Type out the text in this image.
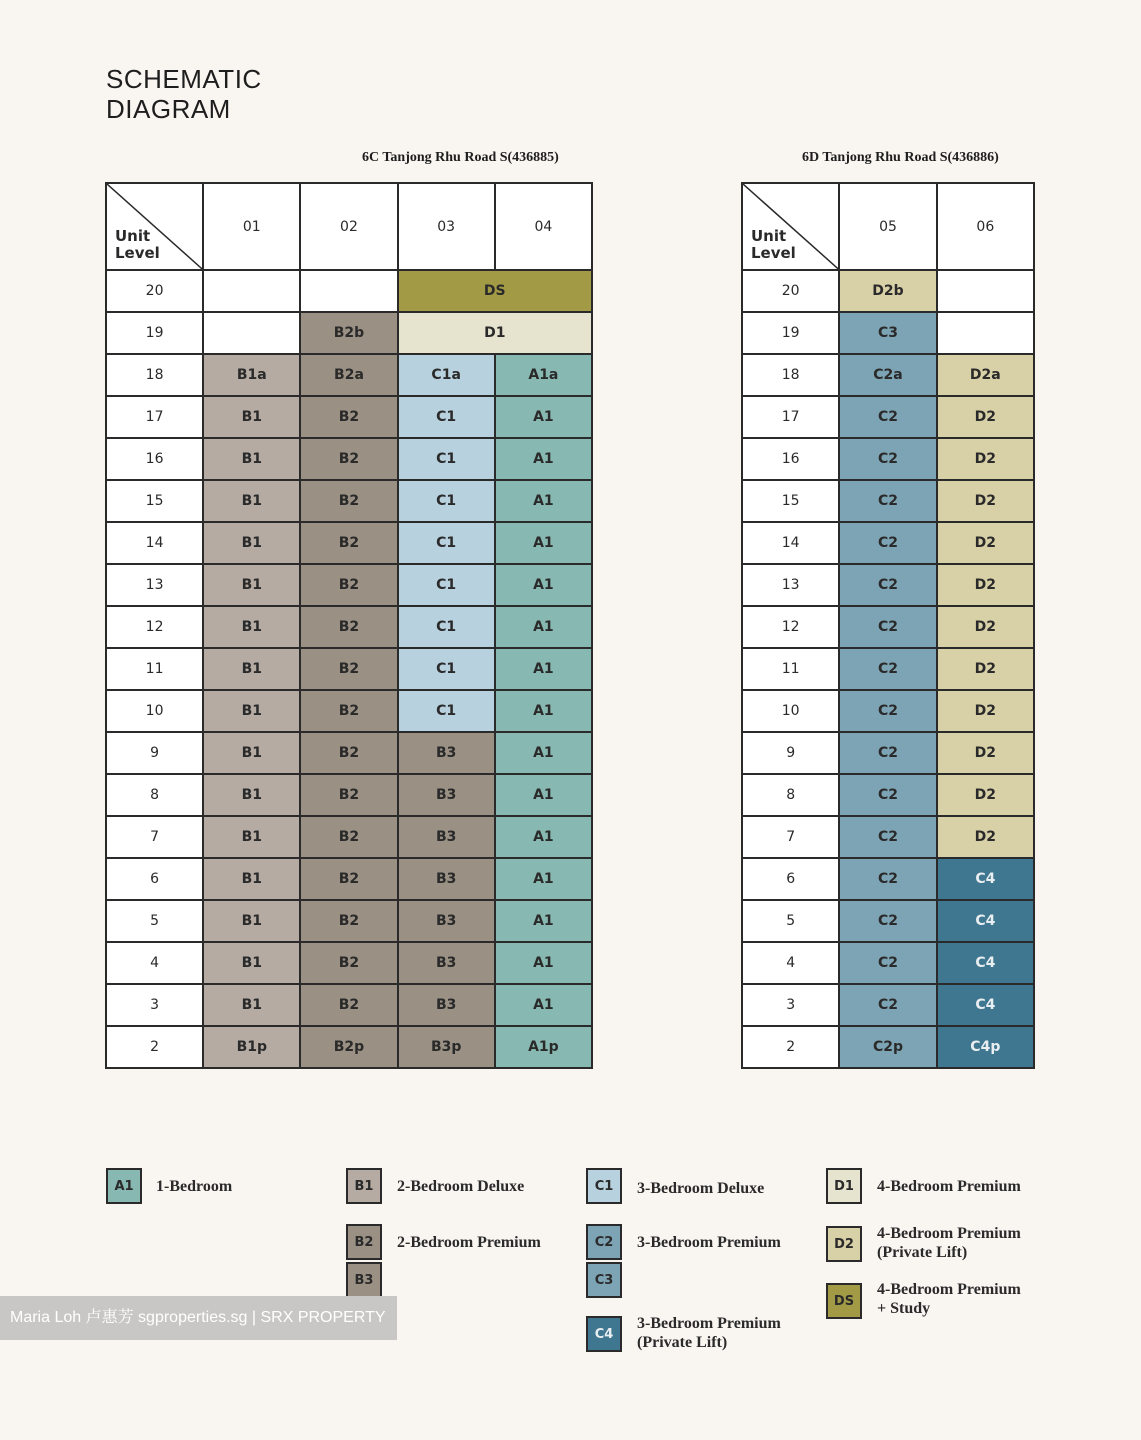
SCHEMATIC
DIAGRAM
6C Tanjong Rhu Road S(436885)	6D Tanjong Rhu Road S(436886)
Unit
Level	01	02	03	04
20			DS	
19		B2b	D1	
18	B1a	B2a	C1a	A1a
17	B1	B2	C1	A1
16	B1	B2	C1	A1
15	B1	B2	C1	A1
14	B1	B2	C1	A1
13	B1	B2	C1	A1
12	B1	B2	C1	A1
11	B1	B2	C1	A1
10	B1	B2	C1	A1
9	B1	B2	B3	A1
8	B1	B2	B3	A1
7	B1	B2	B3	A1
6	B1	B2	B3	A1
5	B1	B2	B3	A1
4	B1	B2	B3	A1
3	B1	B2	B3	A1
2	B1p	B2p	B3p	A1p
Unit
Level	05	06
20	D2b	
19	C3	
18	C2a	D2a
17	C2	D2
16	C2	D2
15	C2	D2
14	C2	D2
13	C2	D2
12	C2	D2
11	C2	D2
10	C2	D2
9	C2	D2
8	C2	D2
7	C2	D2
6	C2	C4
5	C2	C4
4	C2	C4
3	C2	C4
2	C2p	C4p
A1	1-Bedroom	B1	2-Bedroom Deluxe
B2
B3
2-Bedroom Premium
C1	3-Bedroom Deluxe
C2
C3
3-Bedroom Premium
C4
3-Bedroom Premium
(Private Lift)
D1	4-Bedroom Premium
D2
4-Bedroom Premium
(Private Lift)
DS
4-Bedroom Premium
+ Study
Maria Loh 卢惠芳 sgproperties.sg | SRX PROPERTY
